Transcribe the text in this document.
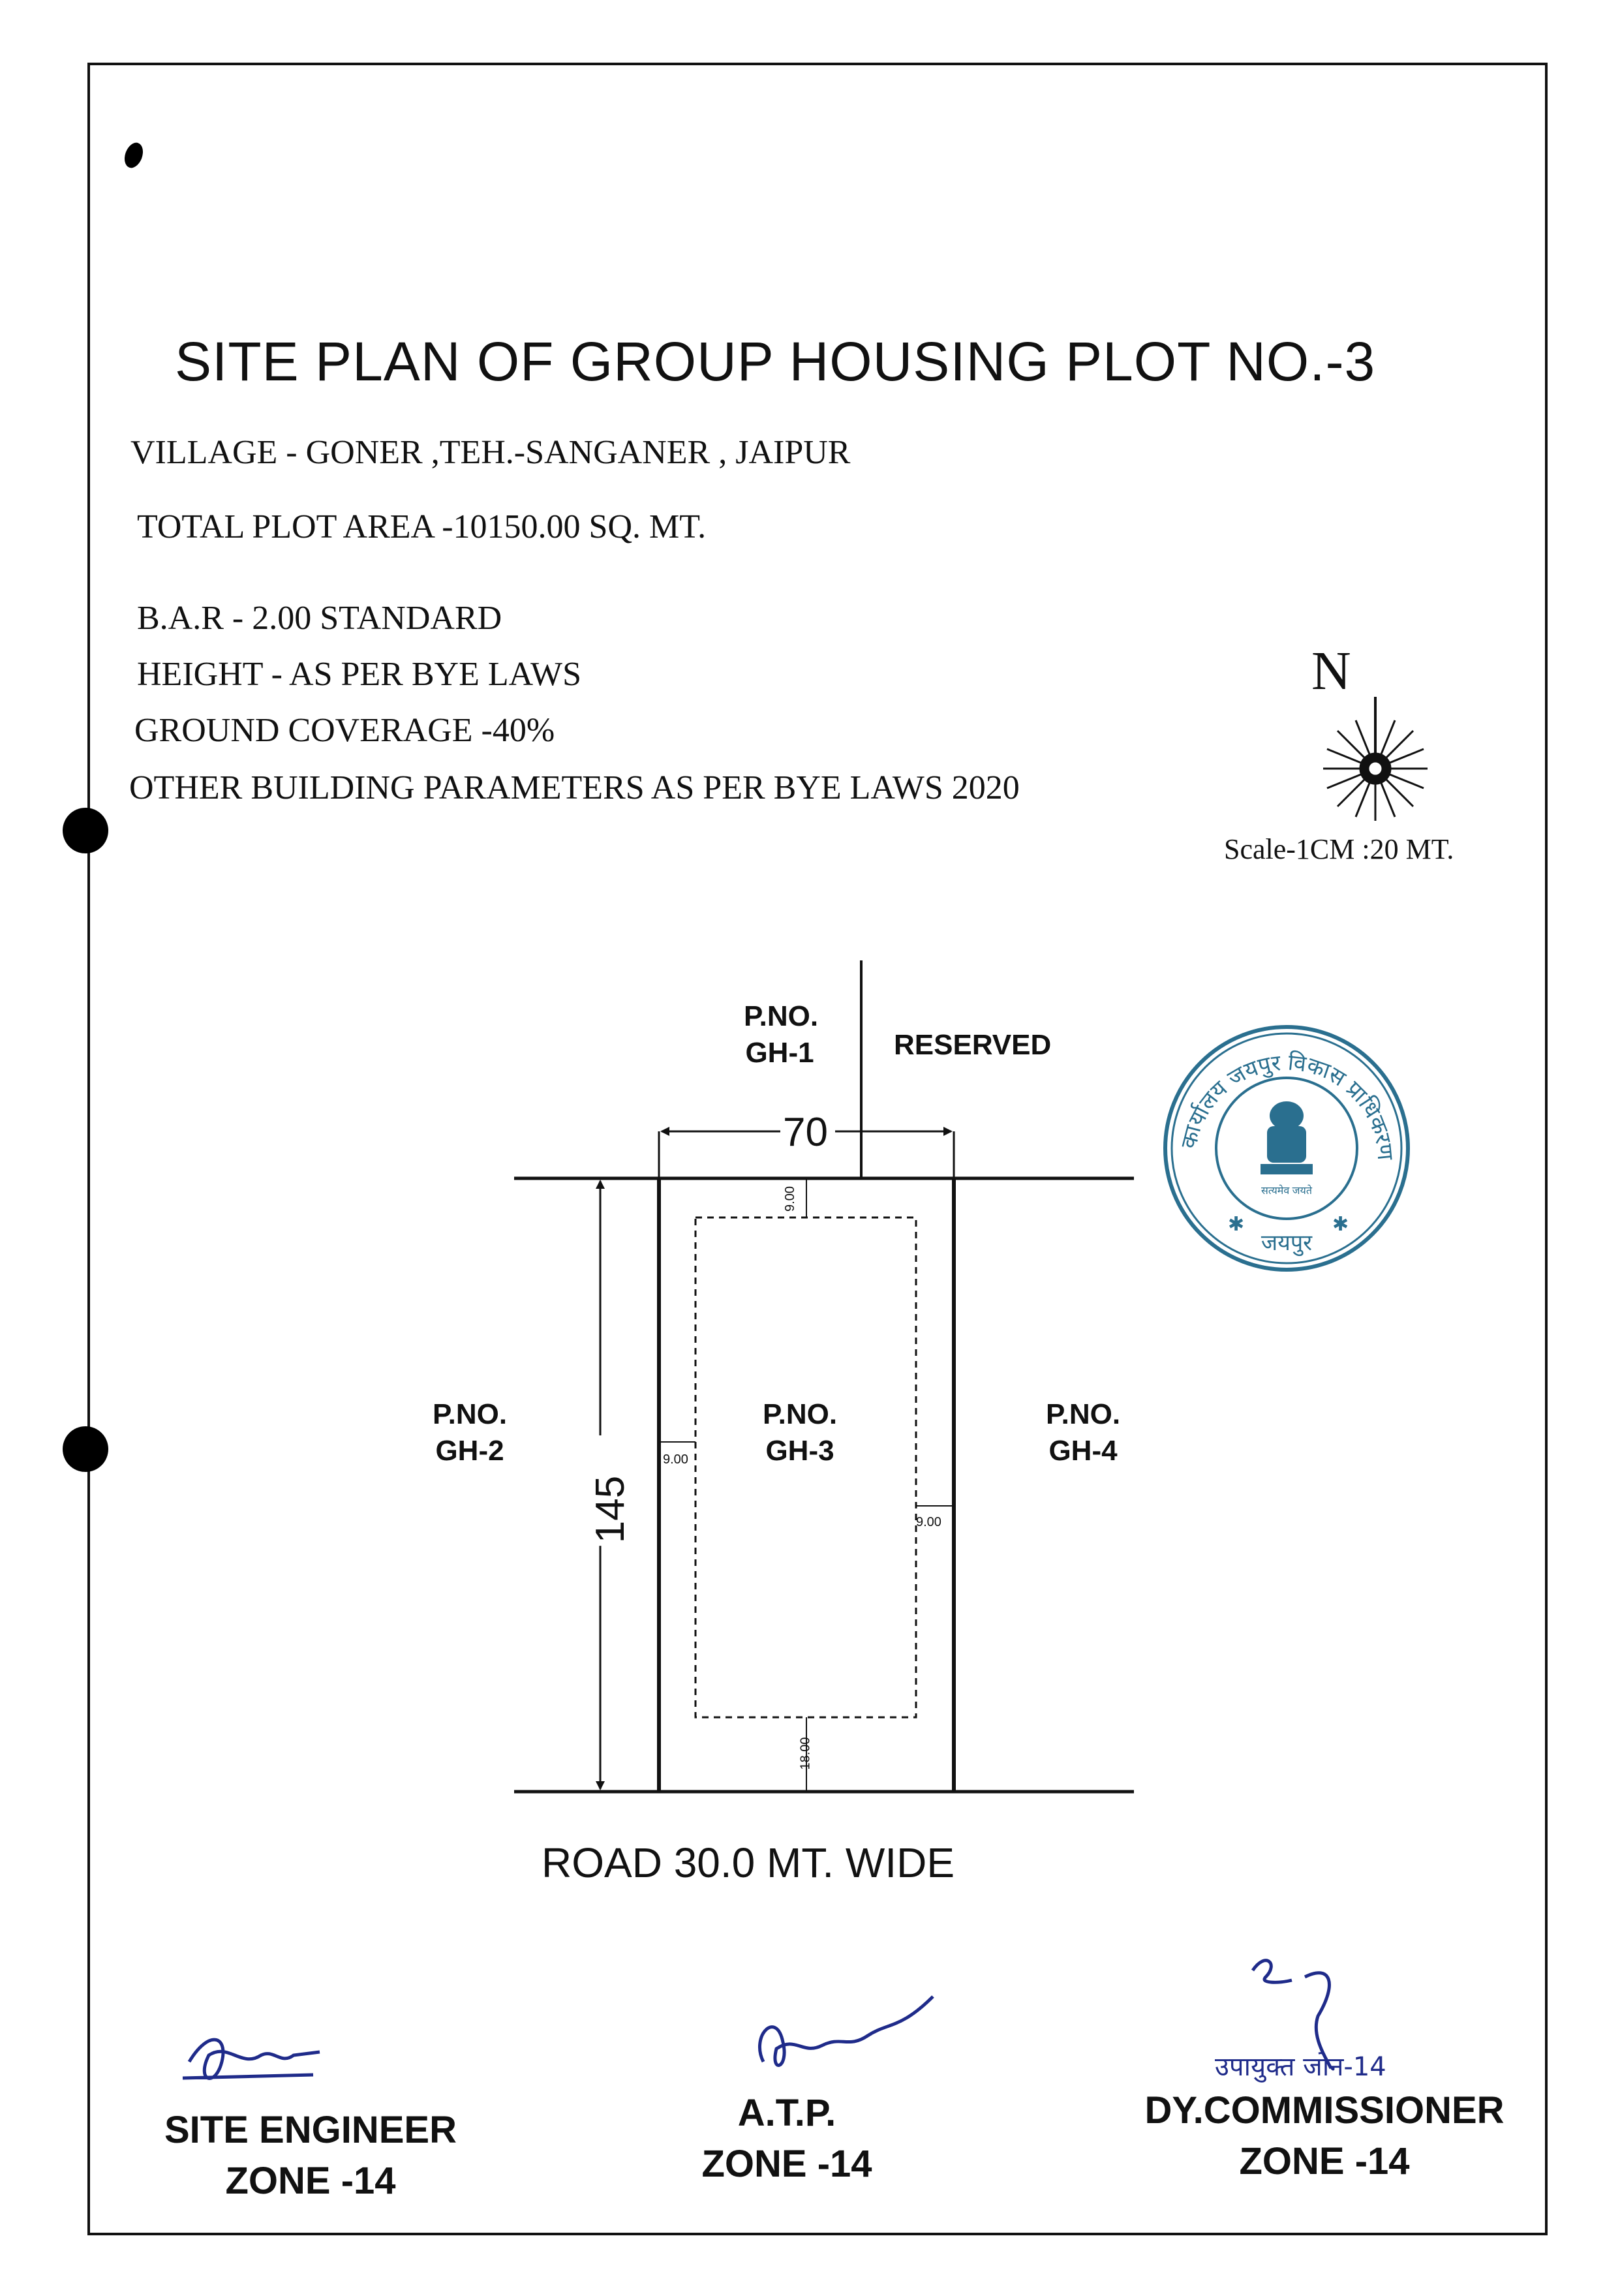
SITE PLAN OF GROUP HOUSING PLOT NO.-3
VILLAGE - GONER ,TEH.-SANGANER , JAIPUR
TOTAL PLOT AREA -10150.00 SQ. MT.
B.A.R - 2.00 STANDARD
HEIGHT - AS PER BYE LAWS
GROUND COVERAGE -40%
OTHER BUILDING PARAMETERS AS PER BYE LAWS 2020
N
Scale-1CM :20 MT.
70
145
9.00
9.00
9.00
18.00
P.NO.
GH-1	RESERVED
P.NO.
GH-2
P.NO.
GH-3
P.NO.
GH-4
ROAD 30.0 MT. WIDE
कार्यालय जयपुर विकास प्राधिकरण
जयपुर
✱	✱
सत्यमेव जयते
उपायुक्त जोन-14
SITE ENGINEER
ZONE -14
A.T.P.
ZONE -14
DY.COMMISSIONER
ZONE -14
